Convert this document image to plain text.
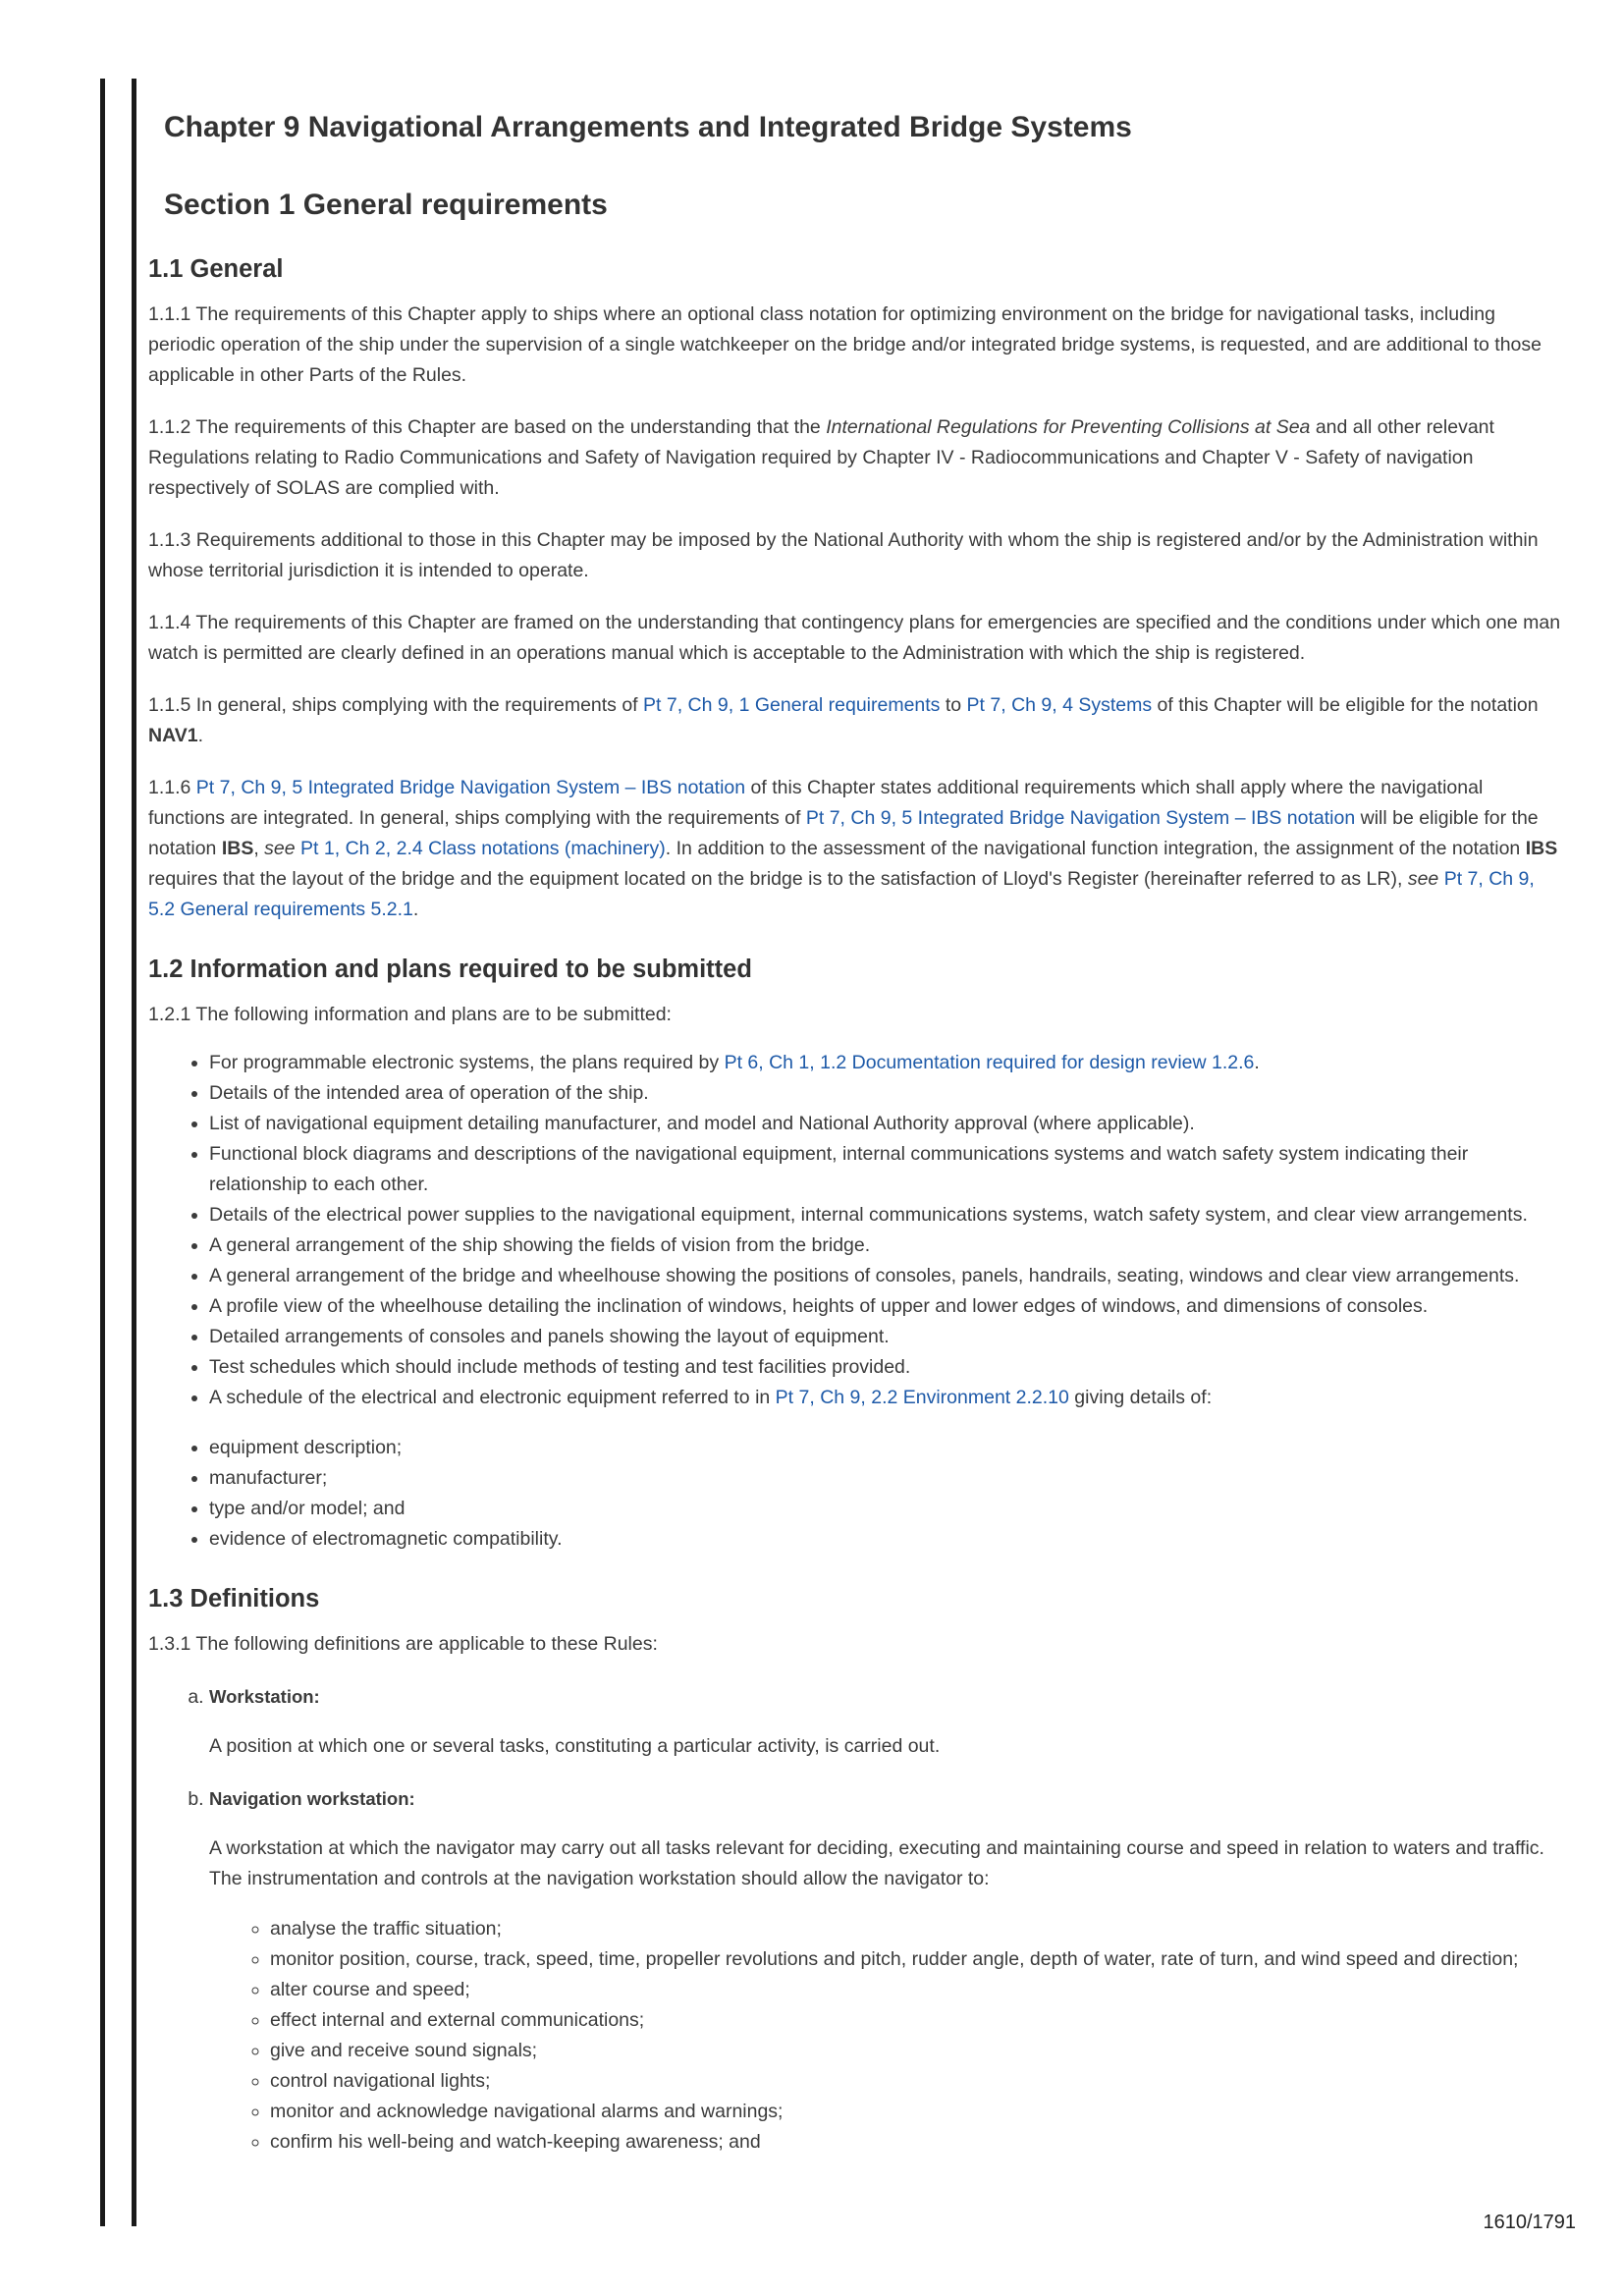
Chapter 9 Navigational Arrangements and Integrated Bridge Systems
Section 1 General requirements
1.1 General

1.1.1 The requirements of this Chapter apply to ships where an optional class notation for optimizing environment on the bridge for navigational tasks, including periodic operation of the ship under the supervision of a single watchkeeper on the bridge and/or integrated bridge systems, is requested, and are additional to those applicable in other Parts of the Rules.

1.1.2 The requirements of this Chapter are based on the understanding that the International Regulations for Preventing Collisions at Sea and all other relevant Regulations relating to Radio Communications and Safety of Navigation required by Chapter IV - Radiocommunications and Chapter V - Safety of navigation respectively of SOLAS are complied with.

1.1.3 Requirements additional to those in this Chapter may be imposed by the National Authority with whom the ship is registered and/or by the Administration within whose territorial jurisdiction it is intended to operate.

1.1.4 The requirements of this Chapter are framed on the understanding that contingency plans for emergencies are specified and the conditions under which one man watch is permitted are clearly defined in an operations manual which is acceptable to the Administration with which the ship is registered.

1.1.5 In general, ships complying with the requirements of Pt 7, Ch 9, 1 General requirements to Pt 7, Ch 9, 4 Systems of this Chapter will be eligible for the notation NAV1.

1.1.6 Pt 7, Ch 9, 5 Integrated Bridge Navigation System – IBS notation of this Chapter states additional requirements which shall apply where the navigational functions are integrated. In general, ships complying with the requirements of Pt 7, Ch 9, 5 Integrated Bridge Navigation System – IBS notation will be eligible for the notation IBS, see Pt 1, Ch 2, 2.4 Class notations (machinery). In addition to the assessment of the navigational function integration, the assignment of the notation IBS requires that the layout of the bridge and the equipment located on the bridge is to the satisfaction of Lloyd's Register (hereinafter referred to as LR), see Pt 7, Ch 9, 5.2 General requirements 5.2.1.

1.2 Information and plans required to be submitted

1.2.1 The following information and plans are to be submitted:

• For programmable electronic systems, the plans required by Pt 6, Ch 1, 1.2 Documentation required for design review 1.2.6.
• Details of the intended area of operation of the ship.
• List of navigational equipment detailing manufacturer, and model and National Authority approval (where applicable).
• Functional block diagrams and descriptions of the navigational equipment, internal communications systems and watch safety system indicating their relationship to each other.
• Details of the electrical power supplies to the navigational equipment, internal communications systems, watch safety system, and clear view arrangements.
• A general arrangement of the ship showing the fields of vision from the bridge.
• A general arrangement of the bridge and wheelhouse showing the positions of consoles, panels, handrails, seating, windows and clear view arrangements.
• A profile view of the wheelhouse detailing the inclination of windows, heights of upper and lower edges of windows, and dimensions of consoles.
• Detailed arrangements of consoles and panels showing the layout of equipment.
• Test schedules which should include methods of testing and test facilities provided.
• A schedule of the electrical and electronic equipment referred to in Pt 7, Ch 9, 2.2 Environment 2.2.10 giving details of:
• equipment description;
• manufacturer;
• type and/or model; and
• evidence of electromagnetic compatibility.
1.3 Definitions

1.3.1 The following definitions are applicable to these Rules:

a. Workstation:

A position at which one or several tasks, constituting a particular activity, is carried out.

b. Navigation workstation:

A workstation at which the navigator may carry out all tasks relevant for deciding, executing and maintaining course and speed in relation to waters and traffic. The instrumentation and controls at the navigation workstation should allow the navigator to:

◦ analyse the traffic situation;
◦ monitor position, course, track, speed, time, propeller revolutions and pitch, rudder angle, depth of water, rate of turn, and wind speed and direction;
◦ alter course and speed;
◦ effect internal and external communications;
◦ give and receive sound signals;
◦ control navigational lights;
◦ monitor and acknowledge navigational alarms and warnings;
◦ confirm his well-being and watch-keeping awareness; and
1610/1791
